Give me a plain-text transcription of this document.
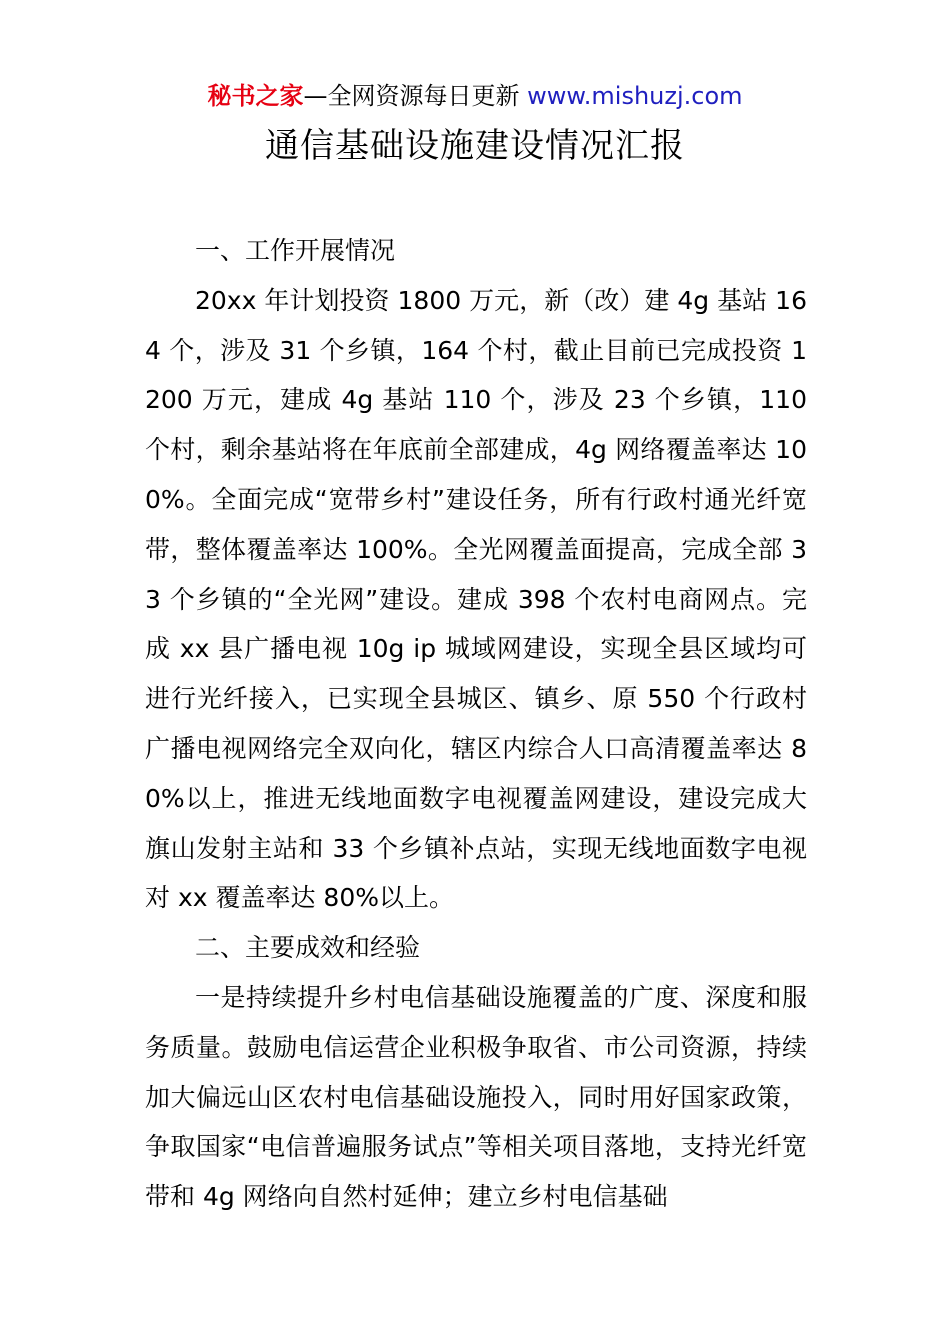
秘书之家—全网资源每日更新 www.mishuzj.com
通信基础设施建设情况汇报

一、工作开展情况

20xx 年计划投资 1800 万元，新（改）建 4g 基站 164 个，涉及 31 个乡镇，164 个村，截止目前已完成投资 1200 万元，建成 4g 基站 110 个，涉及 23 个乡镇，110 个村，剩余基站将在年底前全部建成，4g 网络覆盖率达 100%。全面完成“宽带乡村”建设任务，所有行政村通光纤宽带，整体覆盖率达 100%。全光网覆盖面提高，完成全部 33 个乡镇的“全光网”建设。建成 398 个农村电商网点。完成 xx 县广播电视 10g ip 城域网建设，实现全县区域均可进行光纤接入，已实现全县城区、镇乡、原 550 个行政村广播电视网络完全双向化，辖区内综合人口高清覆盖率达 80%以上，推进无线地面数字电视覆盖网建设，建设完成大旗山发射主站和 33 个乡镇补点站，实现无线地面数字电视对 xx 覆盖率达 80%以上。

二、主要成效和经验

一是持续提升乡村电信基础设施覆盖的广度、深度和服务质量。鼓励电信运营企业积极争取省、市公司资源，持续加大偏远山区农村电信基础设施投入，同时用好国家政策，争取国家“电信普遍服务试点”等相关项目落地，支持光纤宽带和 4g 网络向自然村延伸；建立乡村电信基础
